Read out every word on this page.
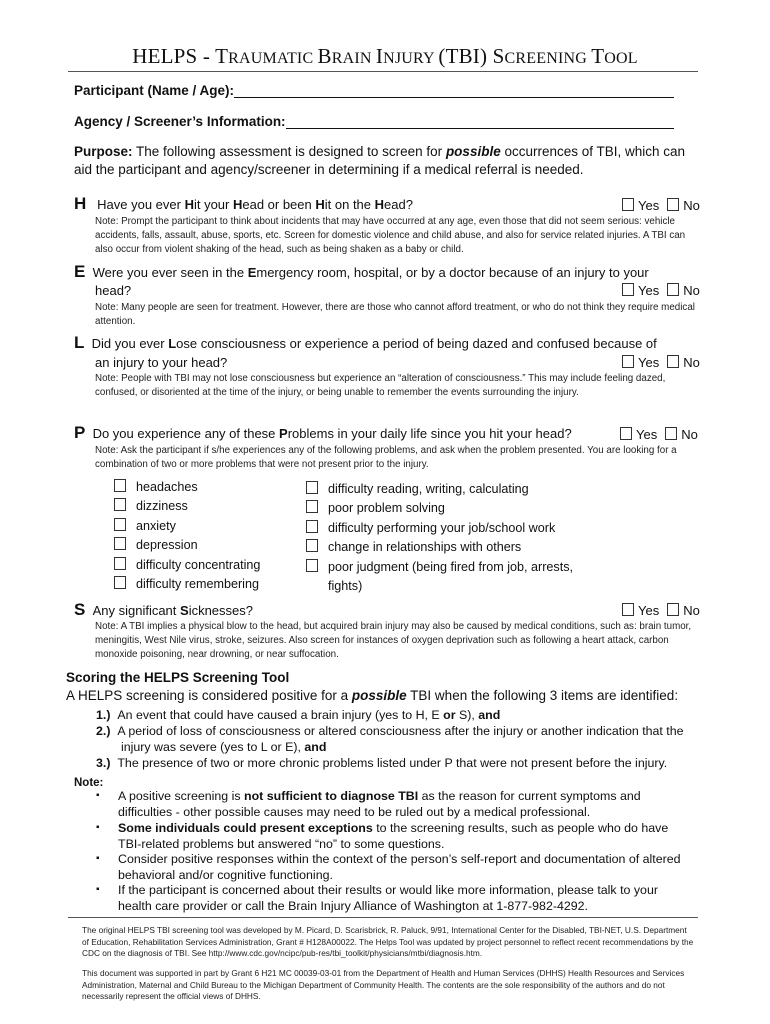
HELPS - TRAUMATIC BRAIN INJURY (TBI) SCREENING TOOL
Participant (Name / Age):
Agency / Screener’s Information:
Purpose: The following assessment is designed to screen for possible occurrences of TBI, which can aid the participant and agency/screener in determining if a medical referral is needed.
H Have you ever Hit your Head or been Hit on the Head?	Yes No
Note: Prompt the participant to think about incidents that may have occurred at any age, even those that did not seem serious: vehicle accidents, falls, assault, abuse, sports, etc. Screen for domestic violence and child abuse, and also for service related injuries. A TBI can also occur from violent shaking of the head, such as being shaken as a baby or child.
E Were you ever seen in the Emergency room, hospital, or by a doctor because of an injury to your
head?	Yes No
Note: Many people are seen for treatment. However, there are those who cannot afford treatment, or who do not think they require medical attention.
L Did you ever Lose consciousness or experience a period of being dazed and confused because of
an injury to your head?	Yes No
Note: People with TBI may not lose consciousness but experience an “alteration of consciousness.” This may include feeling dazed, confused, or disoriented at the time of the injury, or being unable to remember the events surrounding the injury.
P Do you experience any of these Problems in your daily life since you hit your head?	Yes No
Note: Ask the participant if s/he experiences any of the following problems, and ask when the problem presented. You are looking for a combination of two or more problems that were not present prior to the injury.
headaches
dizziness
anxiety
depression
difficulty concentrating
difficulty remembering
difficulty reading, writing, calculating
poor problem solving
difficulty performing your job/school work
change in relationships with others
poor judgment (being fired from job, arrests,
fights)
S Any significant Sicknesses?	Yes No
Note: A TBI implies a physical blow to the head, but acquired brain injury may also be caused by medical conditions, such as: brain tumor, meningitis, West Nile virus, stroke, seizures. Also screen for instances of oxygen deprivation such as following a heart attack, carbon monoxide poisoning, near drowning, or near suffocation.
Scoring the HELPS Screening Tool
A HELPS screening is considered positive for a possible TBI when the following 3 items are identified:
1.) An event that could have caused a brain injury (yes to H, E or S), and
2.) A period of loss of consciousness or altered consciousness after the injury or another indication that the
injury was severe (yes to L or E), and
3.) The presence of two or more chronic problems listed under P that were not present before the injury.
Note:
▪ A positive screening is not sufficient to diagnose TBI as the reason for current symptoms and
difficulties - other possible causes may need to be ruled out by a medical professional.
▪ Some individuals could present exceptions to the screening results, such as people who do have
TBI-related problems but answered “no” to some questions.
▪ Consider positive responses within the context of the person’s self-report and documentation of altered
behavioral and/or cognitive functioning.
▪ If the participant is concerned about their results or would like more information, please talk to your
health care provider or call the Brain Injury Alliance of Washington at 1-877-982-4292.
The original HELPS TBI screening tool was developed by M. Picard, D. Scarisbrick, R. Paluck, 9/91, International Center for the Disabled, TBI-NET, U.S. Department of Education, Rehabilitation Services Administration, Grant # H128A00022. The Helps Tool was updated by project personnel to reflect recent recommendations by the CDC on the diagnosis of TBI. See http://www.cdc.gov/ncipc/pub-res/tbi_toolkit/physicians/mtbi/diagnosis.htm.
This document was supported in part by Grant 6 H21 MC 00039-03-01 from the Department of Health and Human Services (DHHS) Health Resources and Services Administration, Maternal and Child Bureau to the Michigan Department of Community Health. The contents are the sole responsibility of the authors and do not necessarily represent the official views of DHHS.
